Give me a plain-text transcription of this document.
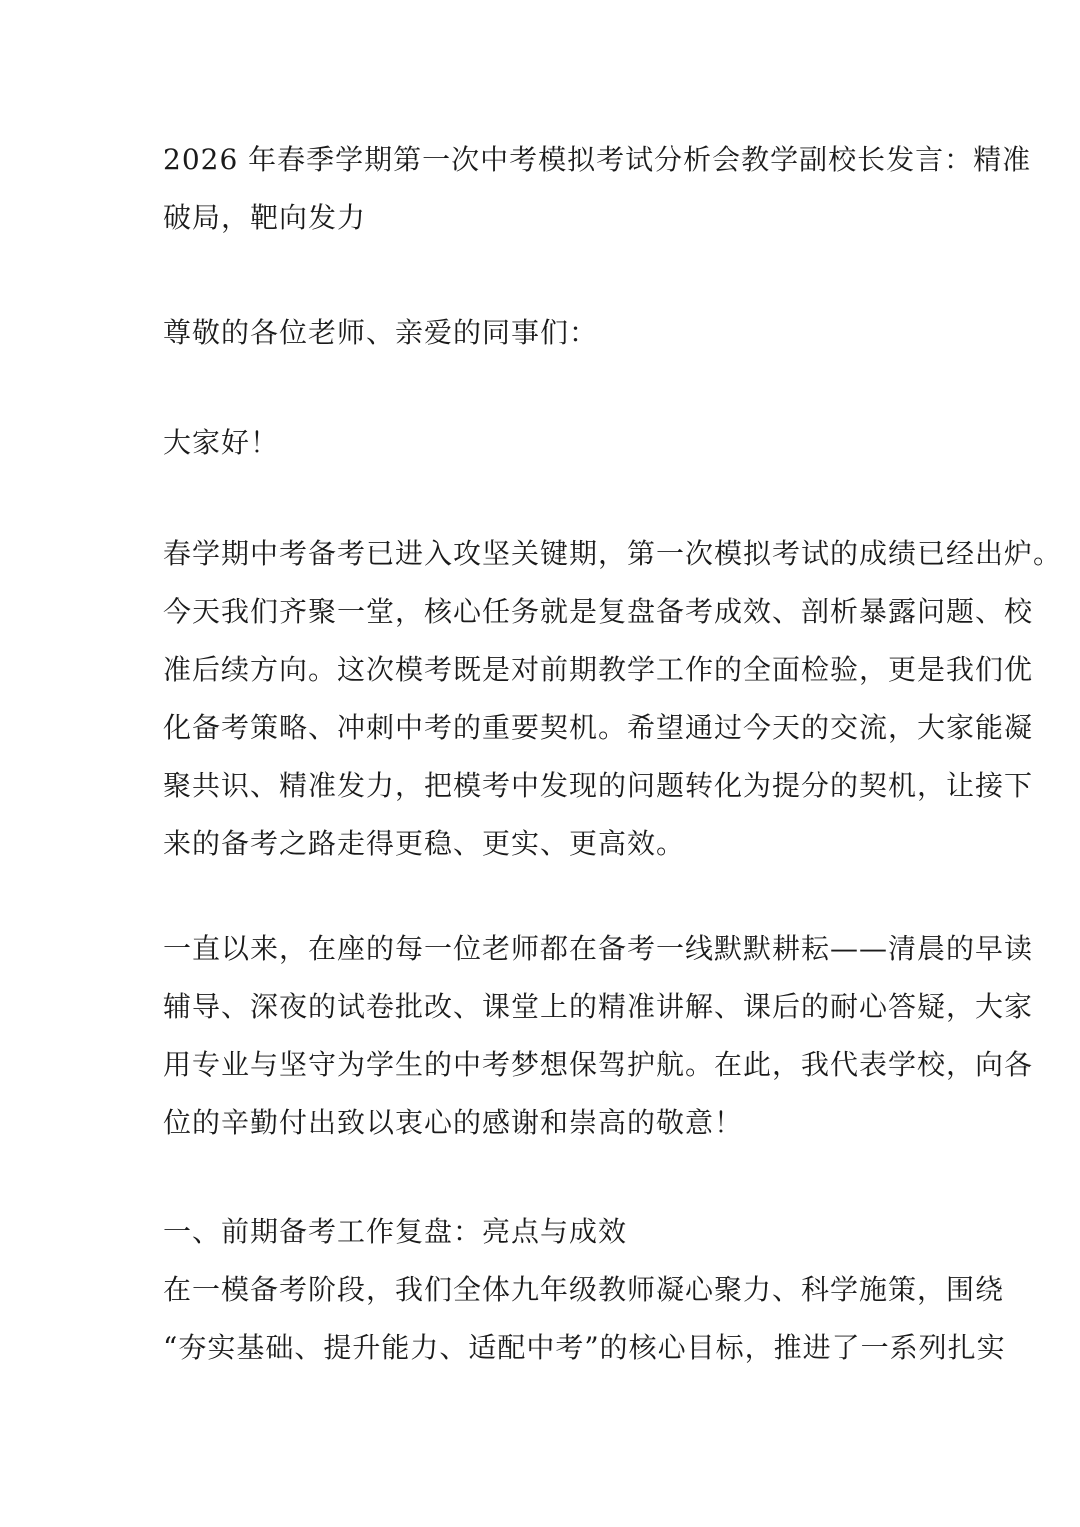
2026 年春季学期第一次中考模拟考试分析会教学副校长发言：精准
破局，靶向发力
尊敬的各位老师、亲爱的同事们：
大家好！
春学期中考备考已进入攻坚关键期，第一次模拟考试的成绩已经出炉。
今天我们齐聚一堂，核心任务就是复盘备考成效、剖析暴露问题、校
准后续方向。这次模考既是对前期教学工作的全面检验，更是我们优
化备考策略、冲刺中考的重要契机。希望通过今天的交流，大家能凝
聚共识、精准发力，把模考中发现的问题转化为提分的契机，让接下
来的备考之路走得更稳、更实、更高效。
一直以来，在座的每一位老师都在备考一线默默耕耘——清晨的早读
辅导、深夜的试卷批改、课堂上的精准讲解、课后的耐心答疑，大家
用专业与坚守为学生的中考梦想保驾护航。在此，我代表学校，向各
位的辛勤付出致以衷心的感谢和崇高的敬意！
一、前期备考工作复盘：亮点与成效
在一模备考阶段，我们全体九年级教师凝心聚力、科学施策，围绕
“夯实基础、提升能力、适配中考”的核心目标，推进了一系列扎实
